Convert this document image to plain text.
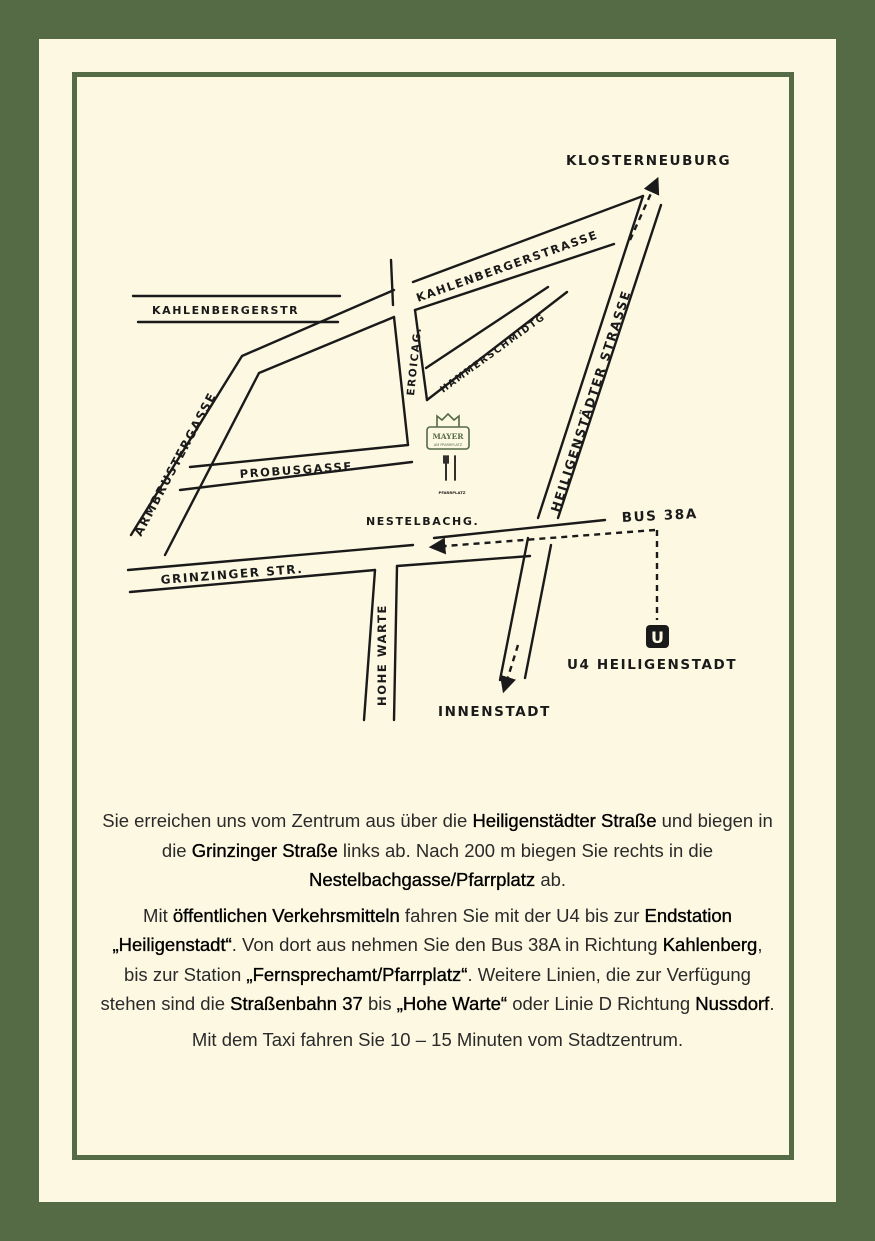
KLOSTERNEUBURG
INNENSTADT
KAHLENBERGERSTR
KAHLENBERGERSTRASSE
HAMMERSCHMIDTG
EROICAG.
ARMBRUSTERGASSE PROBUSGASSE
NESTELBACHG.
GRINZINGER STR.
HOHE WARTE
HEILIGENSTÄDTER STRASSE
BUS 38A
U4 HEILIGENSTADT
U
MAYER
AM PFARRPLATZ
PFARRPLATZ

Sie erreichen uns vom Zentrum aus über die Heiligenstädter Straße und biegen in die Grinzinger Straße links ab. Nach 200 m biegen Sie rechts in die Nestelbachgasse/Pfarrplatz ab.

Mit öffentlichen Verkehrsmitteln fahren Sie mit der U4 bis zur Endstation „Heiligenstadt“. Von dort aus nehmen Sie den Bus 38A in Richtung Kahlenberg, bis zur Station „Fernsprechamt/Pfarrplatz“. Weitere Linien, die zur Verfügung stehen sind die Straßenbahn 37 bis „Hohe Warte“ oder Linie D Richtung Nussdorf.

Mit dem Taxi fahren Sie 10 – 15 Minuten vom Stadtzentrum.
